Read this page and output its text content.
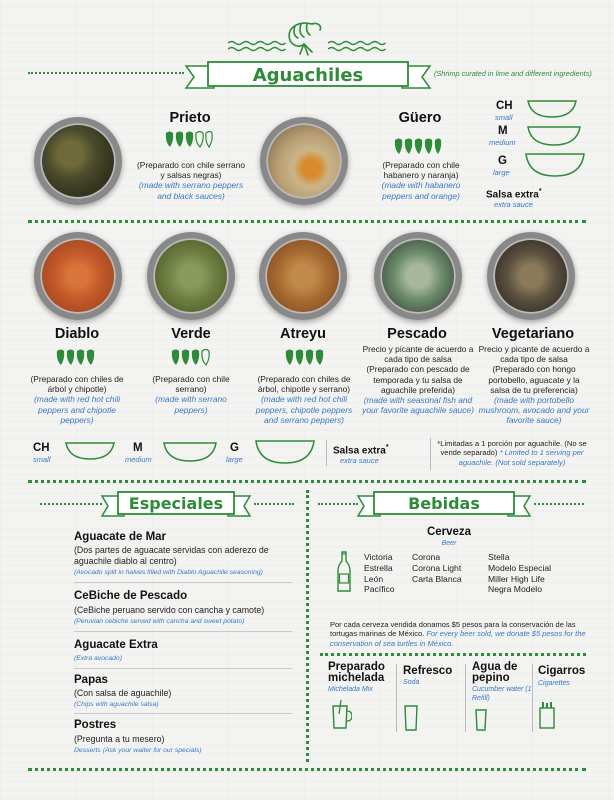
Aguachiles	(Shrimp curated in lime and different ingredients)
Prieto
(Preparado con chile serrano y salsas negras)
(made with serrano peppers and black sauces)
Güero
(Preparado con chile habanero y naranja)
(made with habanero peppers and orange)
CH
small
M
medium
G
large
Salsa extra*
extra sauce
Diablo	Verde	Atreyu	Pescado	Vegetariano
(Preparado con chiles de árbol y chipotle)
(made with red hot chili peppers and chipotle peppers)
(Preparado con chile serrano)
(made with serrano peppers)
(Preparado con chiles de árbol, chipotle y serrano)
(made with red hot chili peppers, chipotle peppers and serrano peppers)
Precio y picante de acuerdo a cada tipo de salsa
(Preparado con pescado de temporada y tu salsa de aguachile preferida)
(made with seasonal fish and your favorite aguachile sauce)
Precio y picante de acuerdo a cada tipo de salsa
(Preparado con hongo portobello, aguacate y la salsa de tu preferencia)
(made with portobello mushroom, avocado and your favorite sauce)
CH
small
M
medium
G
large
Salsa extra*
extra sauce
*Limitadas a 1 porción por aguachile. (No se vende separado) * Limited to 1 serving per aguachile. (Not sold separately)
Especiales
Aguacate de Mar
(Dos partes de aguacate servidas con aderezo de aguachile diablo al centro)
(Avocado split in halves filled with Diablo Aguachile seasoning)
CeBiche de Pescado
(CeBiche peruano servido con cancha y camote)
(Peruvian cebiche served with cancha and sweet potato)
Aguacate Extra
(Extra avocado)
Papas
(Con salsa de aguachile)
(Chips with aguachile salsa)
Postres
(Pregunta a tu mesero)
Desserts (Ask your waiter for our specials)
Bebidas
Cerveza
Beer
Victoria
Estrella
León
Pacífico
Corona
Corona Light
Carta Blanca
Stella
Modelo Especial
Miller High Life
Negra Modelo
Por cada cerveza vendida donamos $5 pesos para la conservación de las tortugas marinas de México. For every beer sold, we donate $5 pesos for the conservation of sea turtles in México.
Preparado michelada
Michelada Mix
Refresco
Soda
Agua de pepino
Cucumber water (1 Refill)
Cigarros
Cigarettes
